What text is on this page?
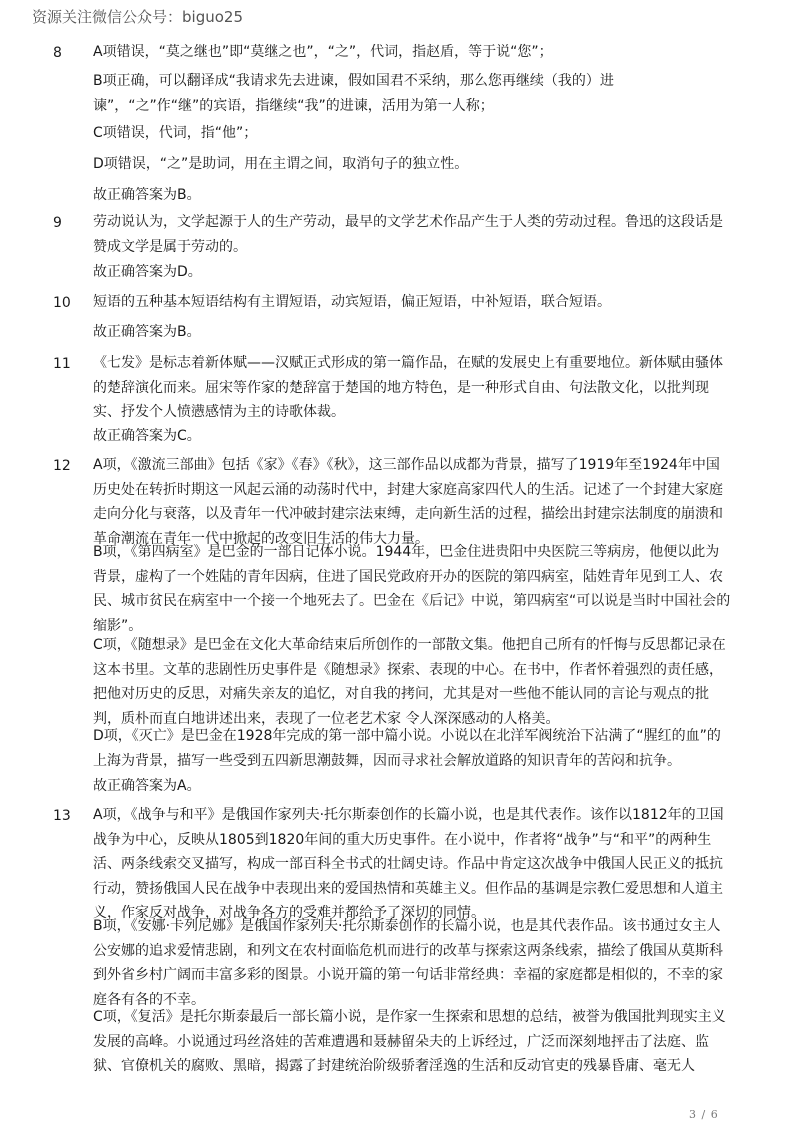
资源关注微信公众号：biguo25
8 A项错误，“莫之继也”即“莫继之也”，“之”，代词，指赵盾，等于说“您”；

B项正确，可以翻译成“我请求先去进谏，假如国君不采纳，那么您再继续（我的）进谏”，“之”作“继”的宾语，指继续“我”的进谏，活用为第一人称；

C项错误，代词，指“他”；

D项错误，“之”是助词，用在主谓之间，取消句子的独立性。

故正确答案为B。

9 劳动说认为，文学起源于人的生产劳动，最早的文学艺术作品产生于人类的劳动过程。鲁迅的这段话是赞成文学是属于劳动的。

故正确答案为D。

10 短语的五种基本短语结构有主谓短语，动宾短语，偏正短语，中补短语，联合短语。

故正确答案为B。

11 《七发》是标志着新体赋——汉赋正式形成的第一篇作品，在赋的发展史上有重要地位。新体赋由骚体的楚辞演化而来。屈宋等作家的楚辞富于楚国的地方特色，是一种形式自由、句法散文化，以批判现实、抒发个人愤懑感情为主的诗歌体裁。

故正确答案为C。

12 A项，《激流三部曲》包括《家》《春》《秋》，这三部作品以成都为背景，描写了1919年至1924年中国历史处在转折时期这一风起云涌的动荡时代中，封建大家庭高家四代人的生活。记述了一个封建大家庭走向分化与衰落，以及青年一代冲破封建宗法束缚，走向新生活的过程，描绘出封建宗法制度的崩溃和革命潮流在青年一代中掀起的改变旧生活的伟大力量。

B项，《第四病室》是巴金的一部日记体小说。1944年，巴金住进贵阳中央医院三等病房，他便以此为背景，虚构了一个姓陆的青年因病，住进了国民党政府开办的医院的第四病室，陆姓青年见到工人、农民、城市贫民在病室中一个接一个地死去了。巴金在《后记》中说，第四病室“可以说是当时中国社会的缩影”。

C项，《随想录》是巴金在文化大革命结束后所创作的一部散文集。他把自己所有的忏悔与反思都记录在这本书里。文革的悲剧性历史事件是《随想录》探索、表现的中心。在书中，作者怀着强烈的责任感，把他对历史的反思，对痛失亲友的追忆，对自我的拷问，尤其是对一些他不能认同的言论与观点的批判，质朴而直白地讲述出来，表现了一位老艺术家 令人深深感动的人格美。

D项，《灭亡》是巴金在1928年完成的第一部中篇小说。小说以在北洋军阀统治下沾满了“腥红的血”的上海为背景，描写一些受到五四新思潮鼓舞，因而寻求社会解放道路的知识青年的苦闷和抗争。

故正确答案为A。

13 A项，《战争与和平》是俄国作家列夫·托尔斯泰创作的长篇小说，也是其代表作。该作以1812年的卫国战争为中心，反映从1805到1820年间的重大历史事件。在小说中，作者将“战争”与“和平”的两种生活、两条线索交叉描写，构成一部百科全书式的壮阔史诗。作品中肯定这次战争中俄国人民正义的抵抗行动，赞扬俄国人民在战争中表现出来的爱国热情和英雄主义。但作品的基调是宗教仁爱思想和人道主义，作家反对战争，对战争各方的受难并都给予了深切的同情。

B项，《安娜·卡列尼娜》是俄国作家列夫·托尔斯泰创作的长篇小说，也是其代表作品。该书通过女主人公安娜的追求爱情悲剧，和列文在农村面临危机而进行的改革与探索这两条线索，描绘了俄国从莫斯科到外省乡村广阔而丰富多彩的图景。小说开篇的第一句话非常经典：幸福的家庭都是相似的，不幸的家庭各有各的不幸。

C项，《复活》是托尔斯泰最后一部长篇小说，是作家一生探索和思想的总结，被誉为俄国批判现实主义发展的高峰。小说通过玛丝洛娃的苦难遭遇和聂赫留朵夫的上诉经过，广泛而深刻地抨击了法庭、监狱、官僚机关的腐败、黑暗，揭露了封建统治阶级骄奢淫逸的生活和反动官吏的残暴昏庸、毫无人

3 / 6
